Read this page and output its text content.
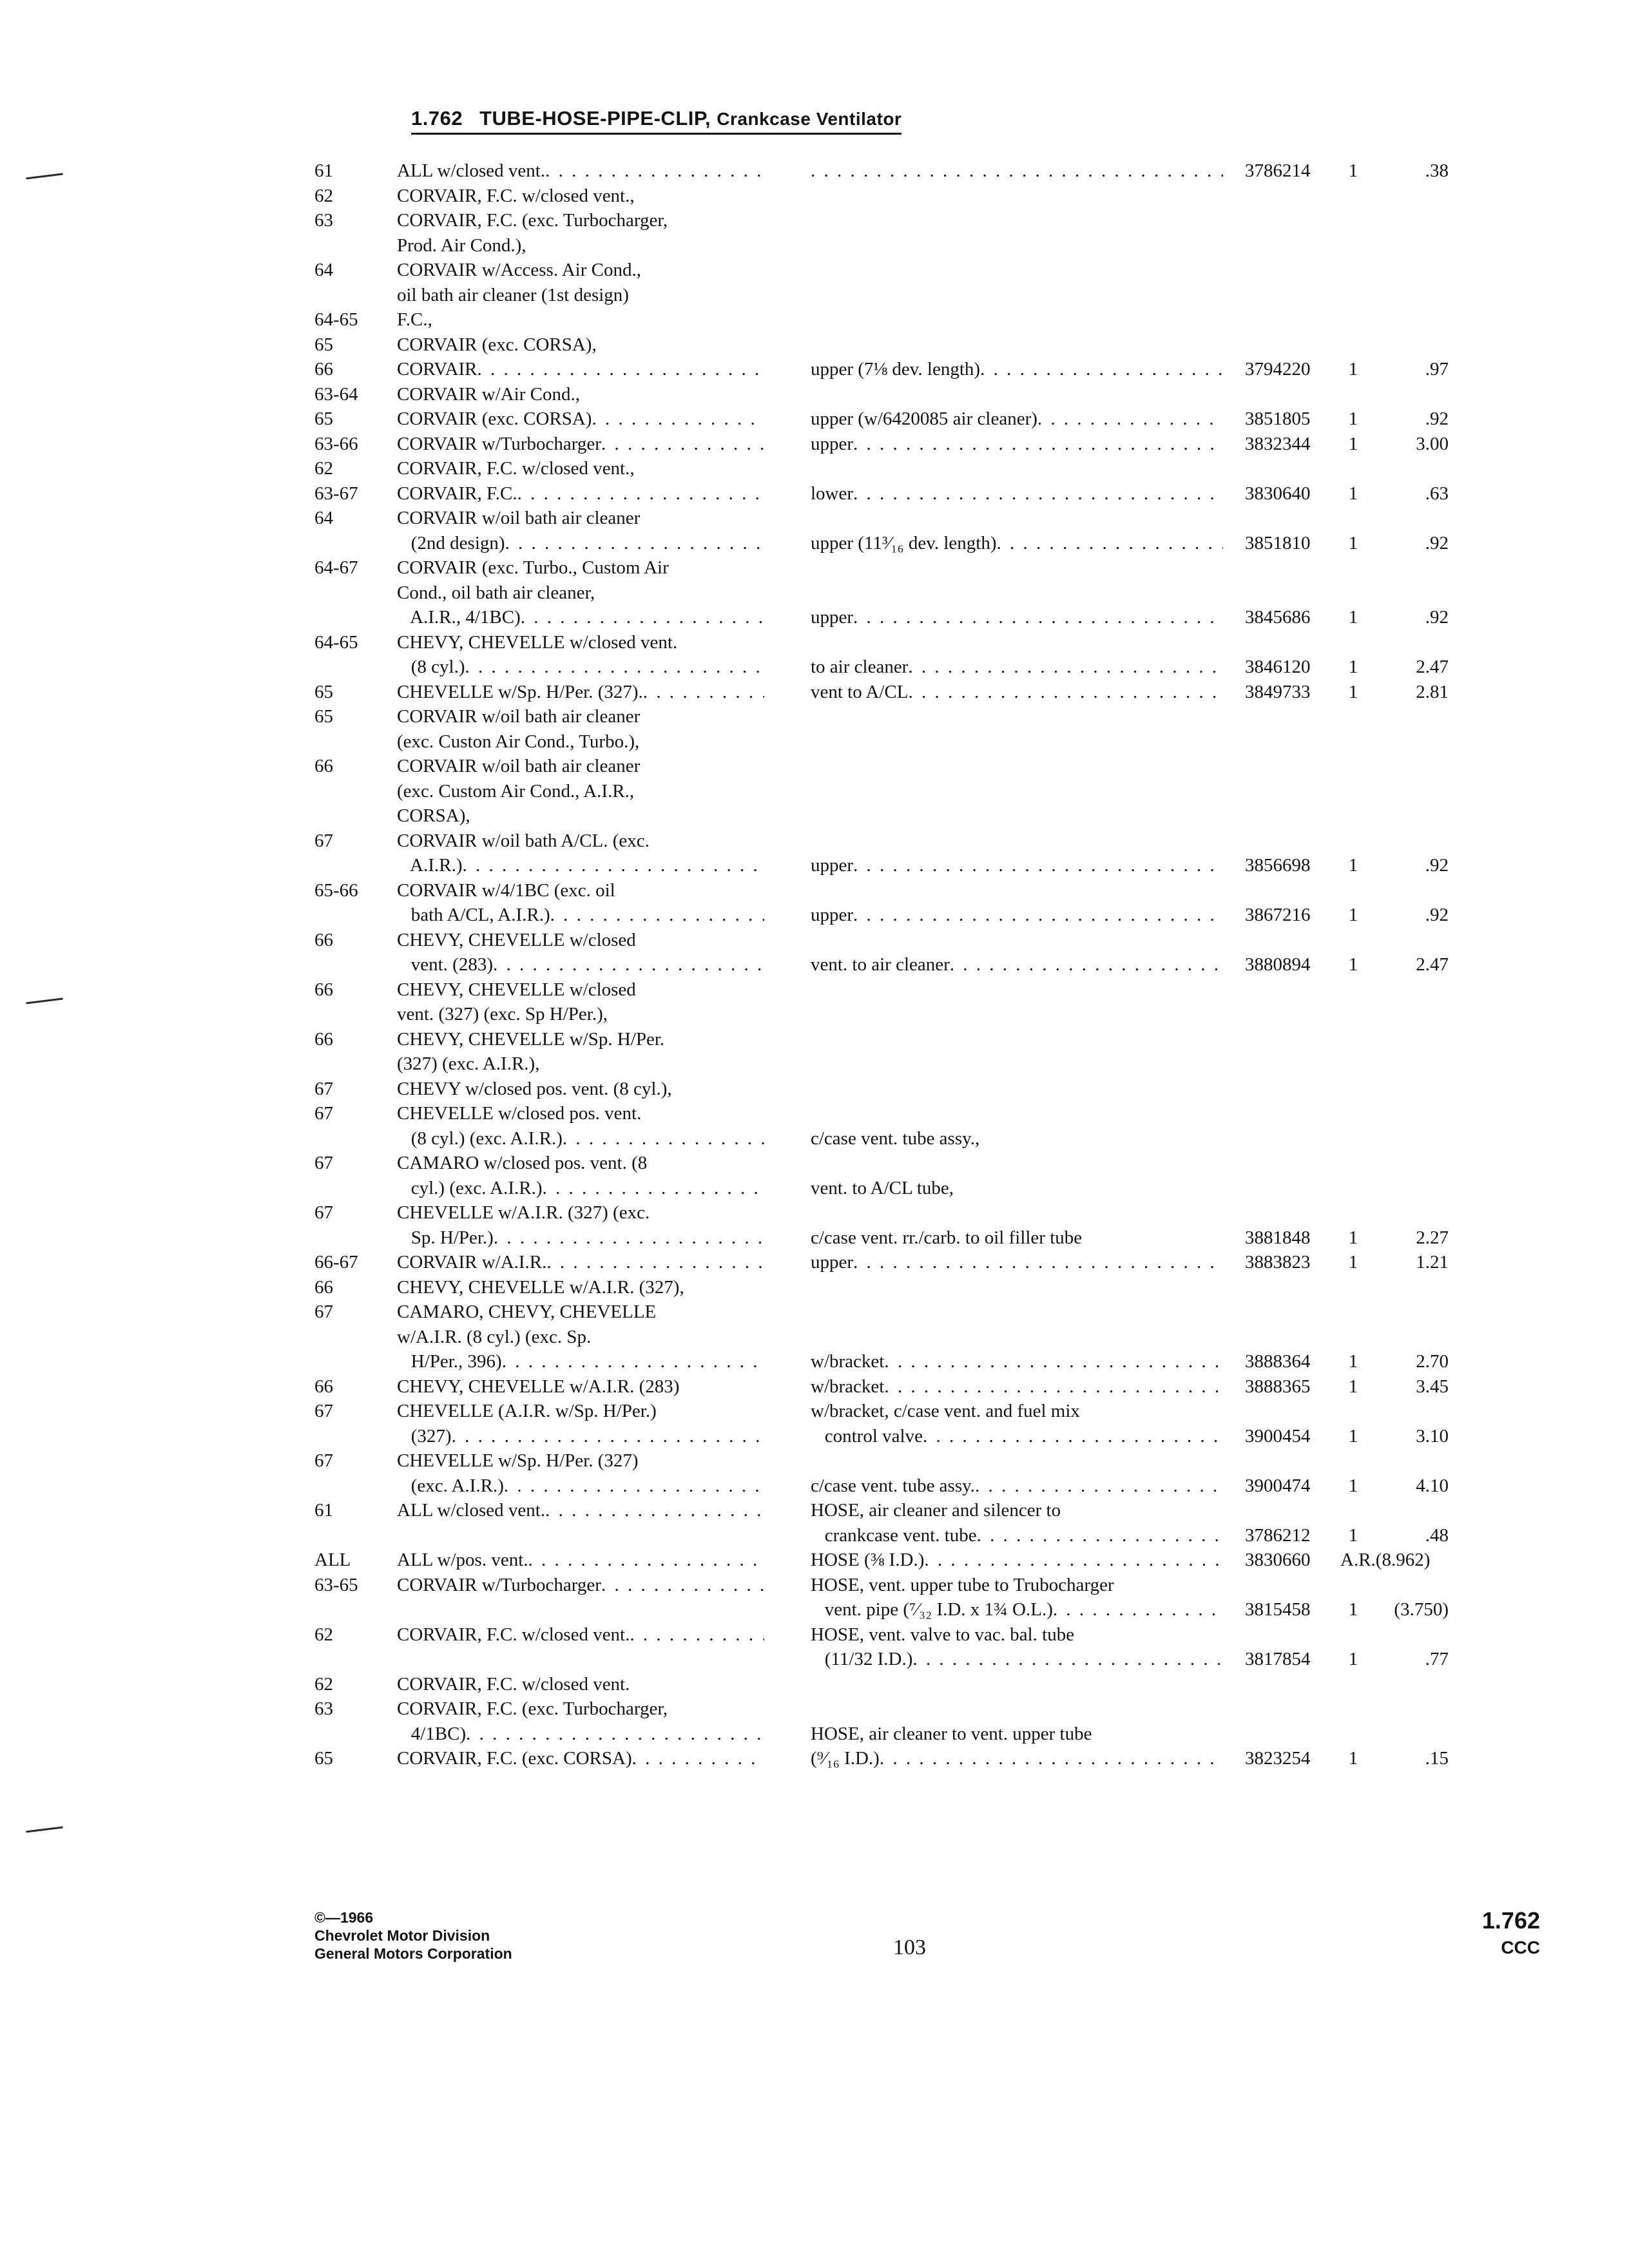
1.762 TUBE-HOSE-PIPE-CLIP, Crankcase Ventilator
61	ALL w/closed vent. . . . . . .	3786214	1	.38
62	CORVAIR, F.C. w/closed vent.,
63	CORVAIR, F.C. (exc. Turbocharger,
Prod. Air Cond.),
64	CORVAIR w/Access. Air Cond.,
oil bath air cleaner (1st design)
64-65 F.C.,
65	CORVAIR (exc. CORSA),
66	CORVAIR . . .	upper (7⅛ dev. length) . . .	3794220	1	.97
63-64 CORVAIR w/Air Cond.,
65	CORVAIR (exc. CORSA) . . .	upper (w/6420085 air cleaner) . . .	3851805	1	.92
63-66 CORVAIR w/Turbocharger . . .	upper . . .	3832344	1	3.00
62	CORVAIR, F.C. w/closed vent.,
63-67 CORVAIR, F.C. . . .	lower . . .	3830640	1	.63
64	CORVAIR w/oil bath air cleaner
(2nd design) . . .	upper (11³⁄₁₆ dev. length) . . .	3851810	1	.92
64-67 CORVAIR (exc. Turbo., Custom Air
Cond., oil bath air cleaner,
A.I.R., 4/1BC) . . .	upper . . .	3845686	1	.92
64-65 CHEVY, CHEVELLE w/closed vent.
(8 cyl.) . . .	to air cleaner . . .	3846120	1	2.47
65	CHEVELLE w/Sp. H/Per. (327). . . .	vent to A/CL . . .	3849733	1	2.81
65	CORVAIR w/oil bath air cleaner
(exc. Custon Air Cond., Turbo.),
66	CORVAIR w/oil bath air cleaner
(exc. Custom Air Cond., A.I.R.,
CORSA),
67	CORVAIR w/oil bath A/CL. (exc.
A.I.R.) . . .	upper . . .	3856698	1	.92
65-66 CORVAIR w/4/1BC (exc. oil
bath A/CL, A.I.R.) . . .	upper . . .	3867216	1	.92
66	CHEVY, CHEVELLE w/closed
vent. (283) . . .	vent. to air cleaner . . .	3880894	1	2.47
66	CHEVY, CHEVELLE w/closed
vent. (327) (exc. Sp H/Per.),
66	CHEVY, CHEVELLE w/Sp. H/Per.
(327) (exc. A.I.R.),
67	CHEVY w/closed pos. vent. (8 cyl.),
67	CHEVELLE w/closed pos. vent.
(8 cyl.) (exc. A.I.R.) . . .	c/case vent. tube assy.,
67	CAMARO w/closed pos. vent. (8
cyl.) (exc. A.I.R.) . . .	vent. to A/CL tube,
67	CHEVELLE w/A.I.R. (327) (exc.
Sp. H/Per.) . . .	c/case vent. rr./carb. to oil filler tube	3881848	1	2.27
66-67 CORVAIR w/A.I.R. . . .	upper . . .	3883823	1	1.21
66	CHEVY, CHEVELLE w/A.I.R. (327),
67	CAMARO, CHEVY, CHEVELLE
w/A.I.R. (8 cyl.) (exc. Sp.
H/Per., 396) . . .	w/bracket . . .	3888364	1	2.70
66	CHEVY, CHEVELLE w/A.I.R. (283)	w/bracket . . .	3888365	1	3.45
67	CHEVELLE (A.I.R. w/Sp. H/Per.)	w/bracket, c/case vent. and fuel mix
(327) . . .	control valve . . .	3900454	1	3.10
67	CHEVELLE w/Sp. H/Per. (327)
(exc. A.I.R.) . . .	c/case vent. tube assy. . . .	3900474	1	4.10
61	ALL w/closed vent. . . .	HOSE, air cleaner and silencer to
crankcase vent. tube . . .	3786212	1	.48
ALL ALL w/pos. vent. . . .	HOSE (⅜ I.D.) . . .	3830660 A.R.(8.962)
63-65 CORVAIR w/Turbocharger . . .	HOSE, vent. upper tube to Trubocharger
vent. pipe (⁷⁄₃₂ I.D. x 1¾ O.L.) . . .	3815458	1	(3.750)
62	CORVAIR, F.C. w/closed vent. . . .	HOSE, vent. valve to vac. bal. tube
(11/32 I.D.) . . .	3817854	1	.77
62	CORVAIR, F.C. w/closed vent.
63	CORVAIR, F.C. (exc. Turbocharger,
4/1BC) . . .	HOSE, air cleaner to vent. upper tube
65	CORVAIR, F.C. (exc. CORSA) . . .	(⁹⁄₁₆ I.D.) . . .	3823254	1	.15
©—1966
Chevrolet Motor Division
General Motors Corporation	103
1.762
CCC
